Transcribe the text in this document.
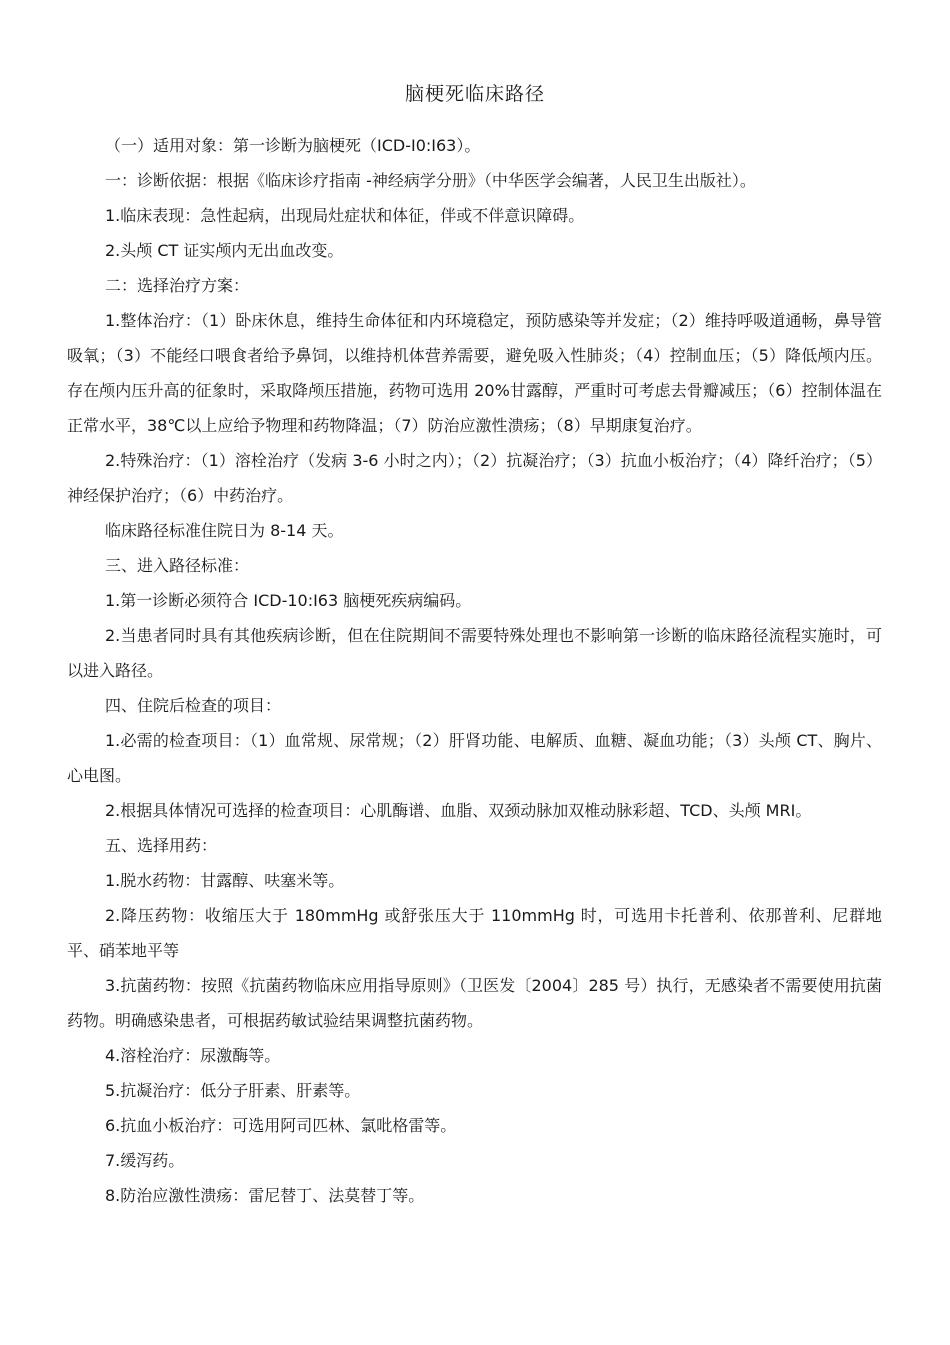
脑梗死临床路径

（一）适用对象：第一诊断为脑梗死（ICD-I0:I63）。

一：诊断依据：根据《临床诊疗指南 -神经病学分册》（中华医学会编著，人民卫生出版社）。

1.临床表现：急性起病，出现局灶症状和体征，伴或不伴意识障碍。

2.头颅 CT 证实颅内无出血改变。

二：选择治疗方案：

1.整体治疗：（1）卧床休息，维持生命体征和内环境稳定，预防感染等并发症；（2）维持呼吸道通畅，鼻导管吸氧；（3）不能经口喂食者给予鼻饲，以维持机体营养需要，避免吸入性肺炎；（4）控制血压；（5）降低颅内压。存在颅内压升高的征象时，采取降颅压措施，药物可选用 20%甘露醇，严重时可考虑去骨瓣减压；（6）控制体温在正常水平，38℃以上应给予物理和药物降温；（7）防治应激性溃疡；（8）早期康复治疗。

2.特殊治疗：（1）溶栓治疗（发病 3-6 小时之内）；（2）抗凝治疗；（3）抗血小板治疗；（4）降纤治疗；（5）神经保护治疗；（6）中药治疗。

临床路径标准住院日为 8-14 天。

三、进入路径标准：

1.第一诊断必须符合 ICD-10:I63 脑梗死疾病编码。

2.当患者同时具有其他疾病诊断，但在住院期间不需要特殊处理也不影响第一诊断的临床路径流程实施时，可以进入路径。

四、住院后检查的项目：

1.必需的检查项目：（1）血常规、尿常规；（2）肝肾功能、电解质、血糖、凝血功能；（3）头颅 CT、胸片、心电图。

2.根据具体情况可选择的检查项目：心肌酶谱、血脂、双颈动脉加双椎动脉彩超、TCD、头颅 MRI。

五、选择用药：

1.脱水药物：甘露醇、呋塞米等。

2.降压药物：收缩压大于 180mmHg 或舒张压大于 110mmHg 时，可选用卡托普利、依那普利、尼群地平、硝苯地平等

3.抗菌药物：按照《抗菌药物临床应用指导原则》（卫医发〔2004〕285 号）执行，无感染者不需要使用抗菌药物。明确感染患者，可根据药敏试验结果调整抗菌药物。

4.溶栓治疗：尿激酶等。

5.抗凝治疗：低分子肝素、肝素等。

6.抗血小板治疗：可选用阿司匹林、氯吡格雷等。

7.缓泻药。

8.防治应激性溃疡：雷尼替丁、法莫替丁等。
